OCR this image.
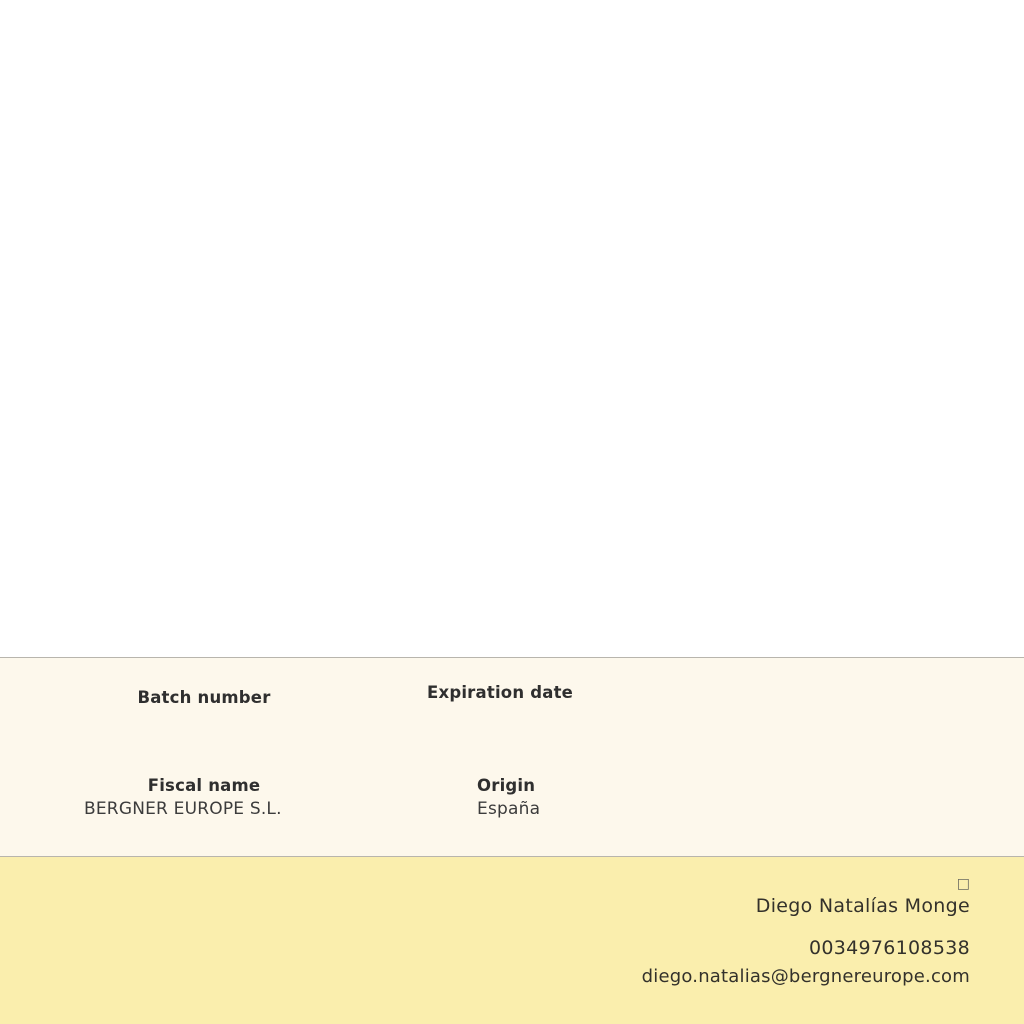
Batch number	Expiration date
Fiscal name
BERGNER EUROPE S.L.
Origin
España
□
Diego Natalías Monge
0034976108538
diego.natalias@bergnereurope.com
